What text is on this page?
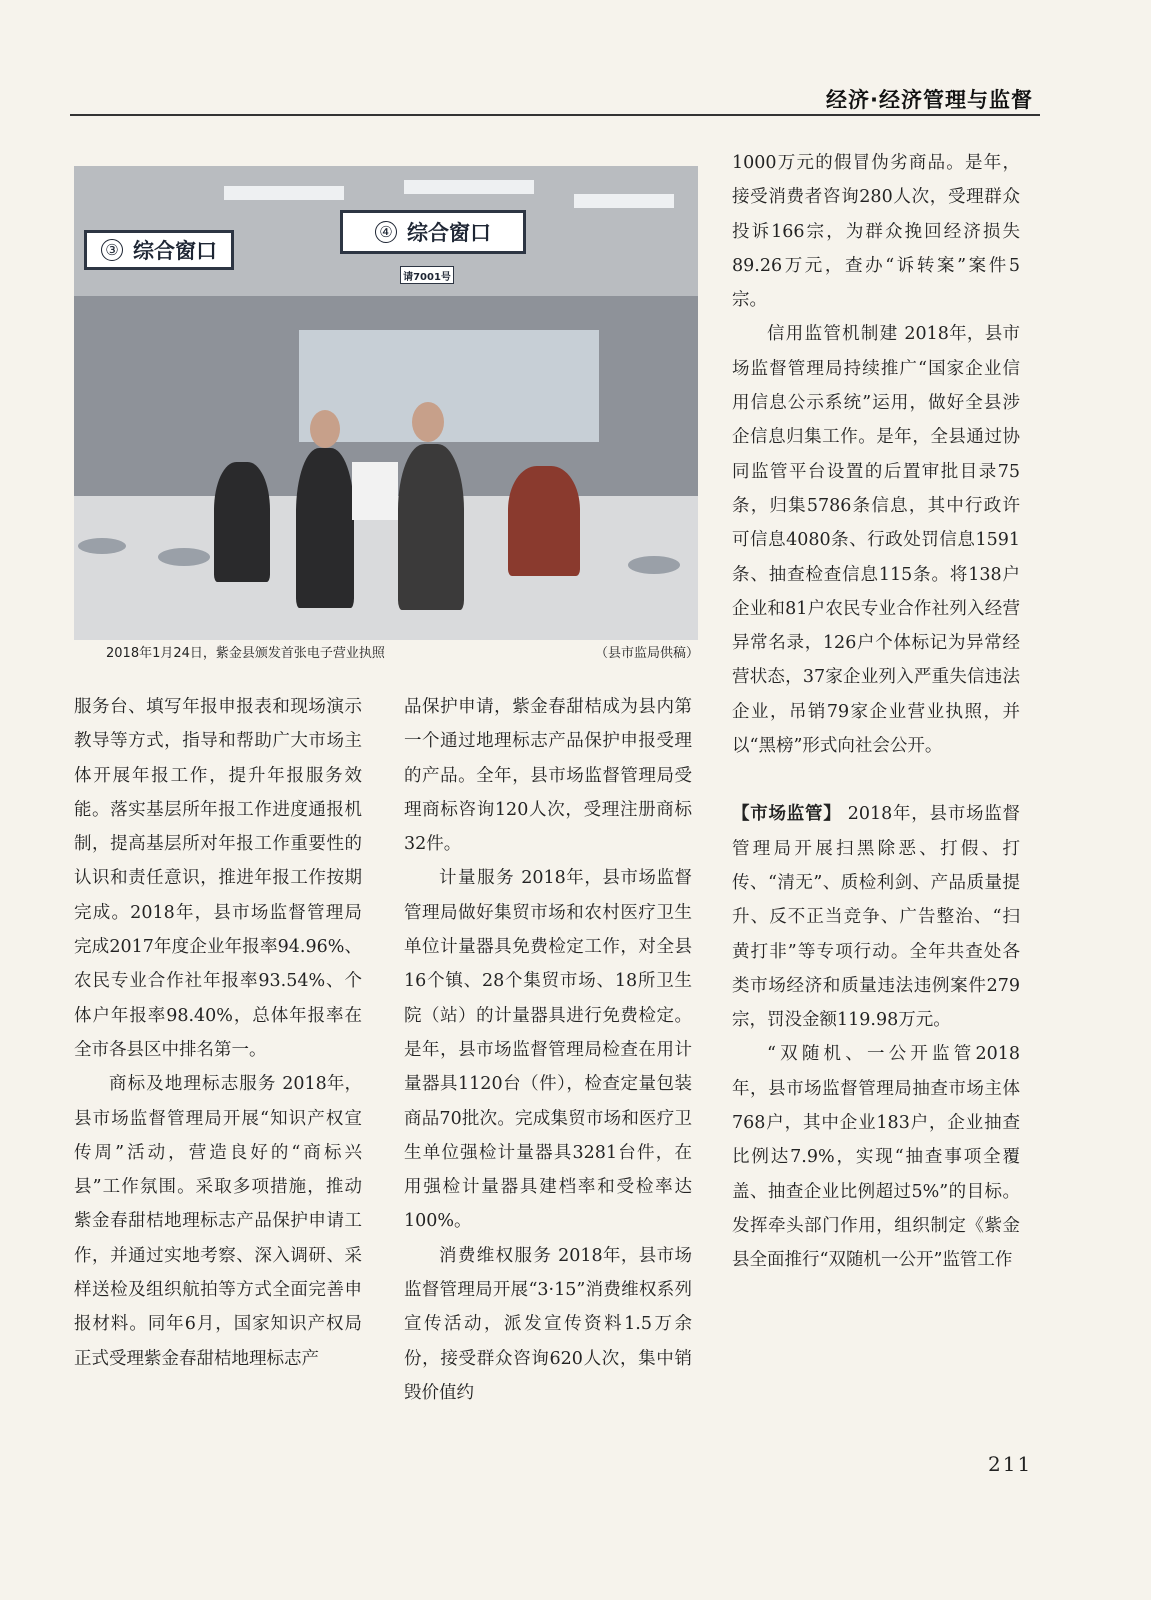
经济·经济管理与监督
③ 综合窗口
④ 综合窗口
请7001号
2018年1月24日，紫金县颁发首张电子营业执照	（县市监局供稿）

服务台、填写年报申报表和现场演示教导等方式，指导和帮助广大市场主体开展年报工作，提升年报服务效能。落实基层所年报工作进度通报机制，提高基层所对年报工作重要性的认识和责任意识，推进年报工作按期完成。2018年，县市场监督管理局完成2017年度企业年报率94.96%、农民专业合作社年报率93.54%、个体户年报率98.40%，总体年报率在全市各县区中排名第一。

商标及地理标志服务 2018年，县市场监督管理局开展“知识产权宣传周”活动，营造良好的“商标兴县”工作氛围。采取多项措施，推动紫金春甜桔地理标志产品保护申请工作，并通过实地考察、深入调研、采样送检及组织航拍等方式全面完善申报材料。同年6月，国家知识产权局正式受理紫金春甜桔地理标志产

品保护申请，紫金春甜桔成为县内第一个通过地理标志产品保护申报受理的产品。全年，县市场监督管理局受理商标咨询120人次，受理注册商标32件。

计量服务 2018年，县市场监督管理局做好集贸市场和农村医疗卫生单位计量器具免费检定工作，对全县16个镇、28个集贸市场、18所卫生院（站）的计量器具进行免费检定。是年，县市场监督管理局检查在用计量器具1120台（件），检查定量包装商品70批次。完成集贸市场和医疗卫生单位强检计量器具3281台件，在用强检计量器具建档率和受检率达100%。

消费维权服务 2018年，县市场监督管理局开展“3·15”消费维权系列宣传活动，派发宣传资料1.5万余份，接受群众咨询620人次，集中销毁价值约

1000万元的假冒伪劣商品。是年，接受消费者咨询280人次，受理群众投诉166宗，为群众挽回经济损失89.26万元，查办“诉转案”案件5宗。

信用监管机制建 2018年，县市场监督管理局持续推广“国家企业信用信息公示系统”运用，做好全县涉企信息归集工作。是年，全县通过协同监管平台设置的后置审批目录75条，归集5786条信息，其中行政许可信息4080条、行政处罚信息1591条、抽查检查信息115条。将138户企业和81户农民专业合作社列入经营异常名录，126户个体标记为异常经营状态，37家企业列入严重失信违法企业，吊销79家企业营业执照，并以“黑榜”形式向社会公开。

【市场监管】 2018年，县市场监督管理局开展扫黑除恶、打假、打传、“清无”、质检利剑、产品质量提升、反不正当竞争、广告整治、“扫黄打非”等专项行动。全年共查处各类市场经济和质量违法违例案件279宗，罚没金额119.98万元。

“双随机、一公开监管2018年，县市场监督管理局抽查市场主体768户，其中企业183户，企业抽查比例达7.9%，实现“抽查事项全覆盖、抽查企业比例超过5%”的目标。发挥牵头部门作用，组织制定《紫金县全面推行“双随机一公开”监管工作

211
